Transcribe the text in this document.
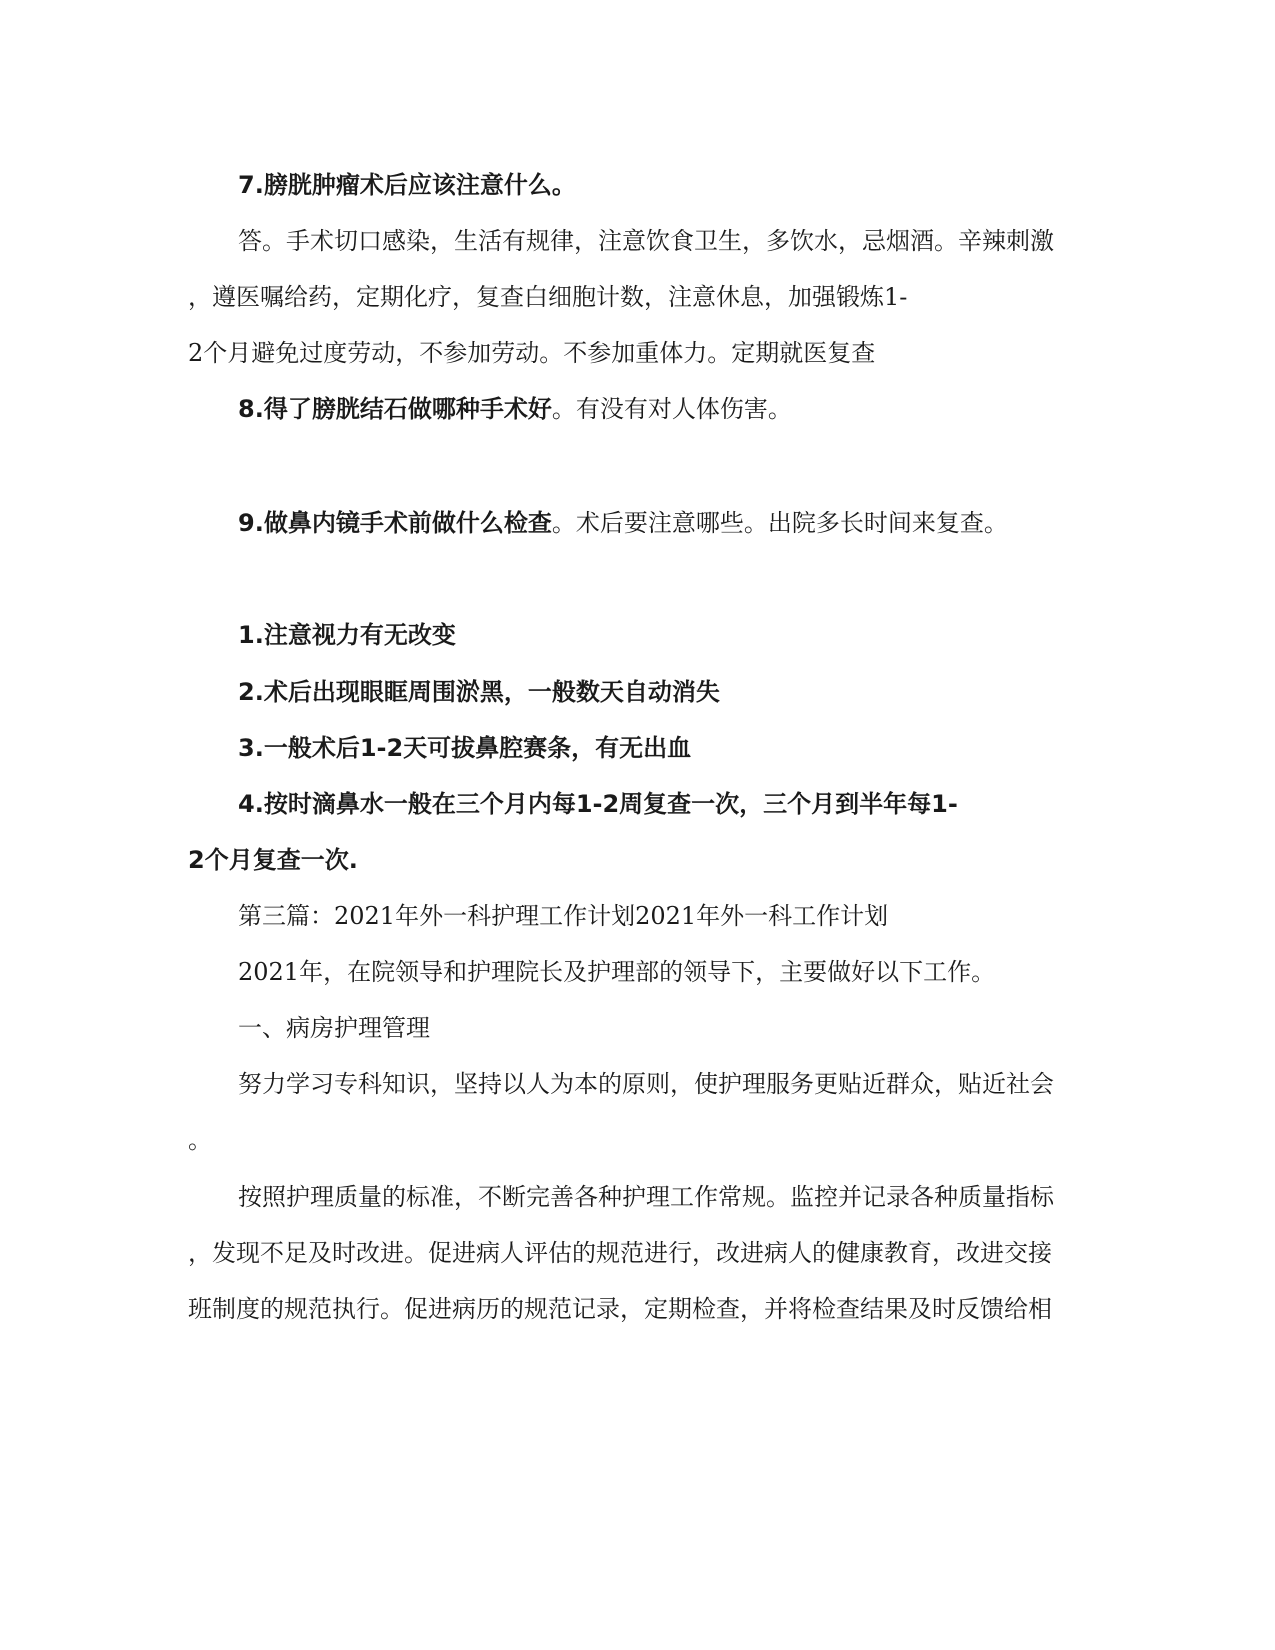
7.膀胱肿瘤术后应该注意什么。
答。手术切口感染，生活有规律，注意饮食卫生，多饮水，忌烟酒。辛辣刺激
，遵医嘱给药，定期化疗，复查白细胞计数，注意休息，加强锻炼1-
2个月避免过度劳动，不参加劳动。不参加重体力。定期就医复查
8.得了膀胱结石做哪种手术好。有没有对人体伤害。
9.做鼻内镜手术前做什么检查。术后要注意哪些。出院多长时间来复查。
1.注意视力有无改变
2.术后出现眼眶周围淤黑，一般数天自动消失
3.一般术后1-2天可拔鼻腔赛条，有无出血
4.按时滴鼻水一般在三个月内每1-2周复查一次，三个月到半年每1-
2个月复查一次.
第三篇：2021年外一科护理工作计划2021年外一科工作计划
2021年，在院领导和护理院长及护理部的领导下，主要做好以下工作。
一、病房护理管理
努力学习专科知识，坚持以人为本的原则，使护理服务更贴近群众，贴近社会
。
按照护理质量的标准，不断完善各种护理工作常规。监控并记录各种质量指标
，发现不足及时改进。促进病人评估的规范进行，改进病人的健康教育，改进交接
班制度的规范执行。促进病历的规范记录，定期检查，并将检查结果及时反馈给相
